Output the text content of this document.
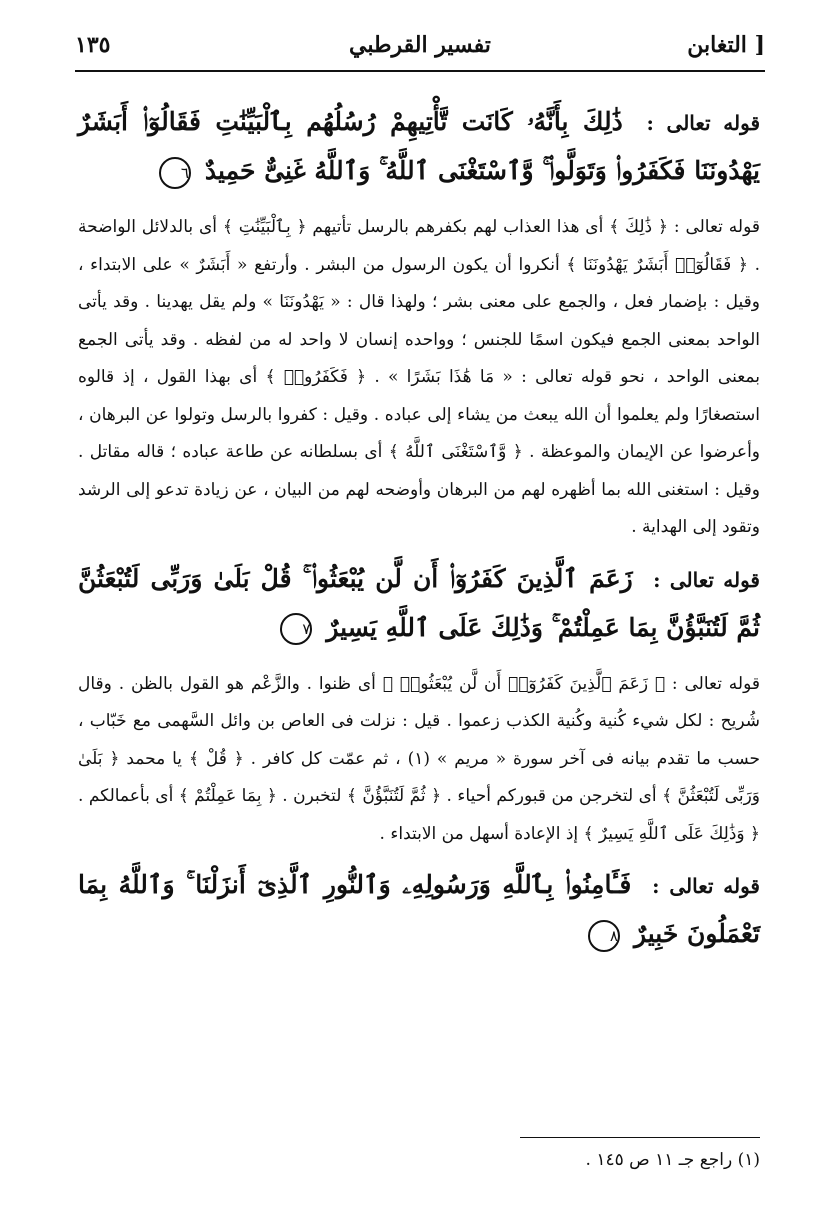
١٣٥	تفسير القرطبي	التغابن ]

قوله تعالى : ذَٰلِكَ بِأَنَّهُۥ كَانَت تَّأْتِيهِمْ رُسُلُهُم بِٱلْبَيِّنَٰتِ فَقَالُوٓا۟ أَبَشَرٌ يَهْدُونَنَا فَكَفَرُوا۟ وَتَوَلَّوا۟ ۚ وَّٱسْتَغْنَى ٱللَّهُ ۚ وَٱللَّهُ غَنِىٌّ حَمِيدٌ ٦

قوله تعالى : ﴿ ذَٰلِكَ ﴾ أى هذا العذاب لهم بكفرهم بالرسل تأتيهم ﴿ بِٱلْبَيِّنَٰتِ ﴾ أى بالدلائل الواضحة . ﴿ فَقَالُوٓا۟ أَبَشَرٌ يَهْدُونَنَا ﴾ أنكروا أن يكون الرسول من البشر . وأرتفع « أَبَشَرٌ » على الابتداء ، وقيل : بإضمار فعل ، والجمع على معنى بشر ؛ ولهذا قال : « يَهْدُونَنَا » ولم يقل يهدينا . وقد يأتى الواحد بمعنى الجمع فيكون اسمًا للجنس ؛ وواحده إنسان لا واحد له من لفظه . وقد يأتى الجمع بمعنى الواحد ، نحو قوله تعالى : « مَا هَٰذَا بَشَرًا » . ﴿ فَكَفَرُوا۟ ﴾ أى بهذا القول ، إذ قالوه استصغارًا ولم يعلموا أن الله يبعث من يشاء إلى عباده . وقيل : كفروا بالرسل وتولوا عن البرهان ، وأعرضوا عن الإيمان والموعظة . ﴿ وَّٱسْتَغْنَى ٱللَّهُ ﴾ أى بسلطانه عن طاعة عباده ؛ قاله مقاتل . وقيل : استغنى الله بما أظهره لهم من البرهان وأوضحه لهم من البيان ، عن زيادة تدعو إلى الرشد وتقود إلى الهداية .

قوله تعالى : زَعَمَ ٱلَّذِينَ كَفَرُوٓا۟ أَن لَّن يُبْعَثُوا۟ ۚ قُلْ بَلَىٰ وَرَبِّى لَتُبْعَثُنَّ ثُمَّ لَتُنَبَّؤُنَّ بِمَا عَمِلْتُمْ ۚ وَذَٰلِكَ عَلَى ٱللَّهِ يَسِيرٌ ٧

قوله تعالى : ﴿ زَعَمَ ٱلَّذِينَ كَفَرُوٓا۟ أَن لَّن يُبْعَثُوا۟ ﴾ أى ظنوا . والزَّعْم هو القول بالظن . وقال شُريح : لكل شيء كُنية وكُنية الكذب زعموا . قيل : نزلت فى العاص بن وائل السَّهمى مع خَبّاب ، حسب ما تقدم بيانه فى آخر سورة « مريم » (١) ، ثم عمّت كل كافر . ﴿ قُلْ ﴾ يا محمد ﴿ بَلَىٰ وَرَبِّى لَتُبْعَثُنَّ ﴾ أى لتخرجن من قبوركم أحياء . ﴿ ثُمَّ لَتُنَبَّؤُنَّ ﴾ لتخبرن . ﴿ بِمَا عَمِلْتُمْ ﴾ أى بأعمالكم . ﴿ وَذَٰلِكَ عَلَى ٱللَّهِ يَسِيرٌ ﴾ إذ الإعادة أسهل من الابتداء .

قوله تعالى : فَـَٔامِنُوا۟ بِٱللَّهِ وَرَسُولِهِۦ وَٱلنُّورِ ٱلَّذِىٓ أَنزَلْنَا ۚ وَٱللَّهُ بِمَا تَعْمَلُونَ خَبِيرٌ ٨

(١) راجع جـ ١١ ص ١٤٥ .
